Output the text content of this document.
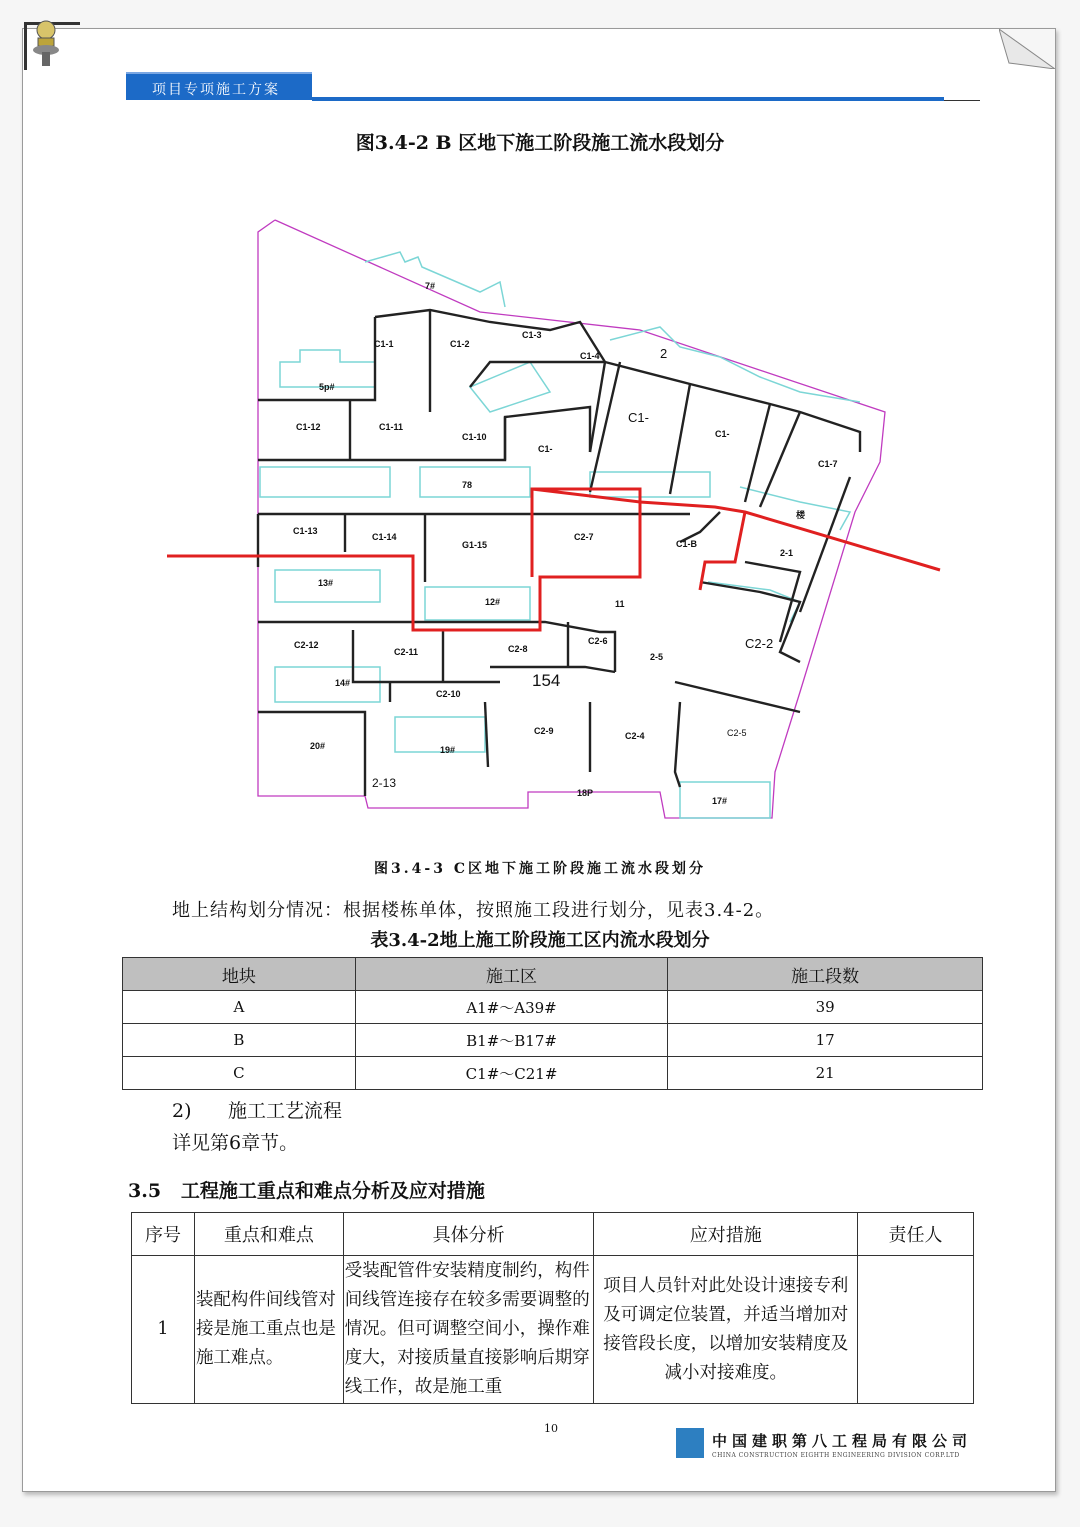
项目专项施工方案
图3.4-2 B 区地下施工阶段施工流水段划分
7#
C1-1	C1-2
C1-3
C1-4	2
5p#
C1-12	C1-11
C1-10
C1-
C1-
C1-
C1-7
78
楼
C1-13
C1-14
G1-15
C2-7
C1-B
2-1
13#
12#	11
C2-2
C2-12
C2-11	C2-8
C2-6
2-5
154
14#
C2-10
20#	19#
C2-9	C2-4	C2-5
2-13
18P
17#
图3.4-3 C区地下施工阶段施工流水段划分
地上结构划分情况：根据楼栋单体，按照施工段进行划分，见表3.4-2。
表3.4-2地上施工阶段施工区内流水段划分
地块	施工区	施工段数
A	A1#～A39#	39
B	B1#～B17#	17
C	C1#～C21#	21
2) 施工工艺流程
详见第6章节。
3.5 工程施工重点和难点分析及应对措施
序号	重点和难点	具体分析	应对措施	责任人
1	装配构件间线管对接是施工重点也是施工难点。	受装配管件安装精度制约，构件间线管连接存在较多需要调整的情况。但可调整空间小，操作难度大，对接质量直接影响后期穿线工作，故是施工重	项目人员针对此处设计速接专利及可调定位装置，并适当增加对接管段长度，以增加安装精度及减小对接难度。	
10
中国建职第八工程局有限公司
CHINA CONSTRUCTION EIGHTH ENGINEERING DIVISION CORP.LTD
